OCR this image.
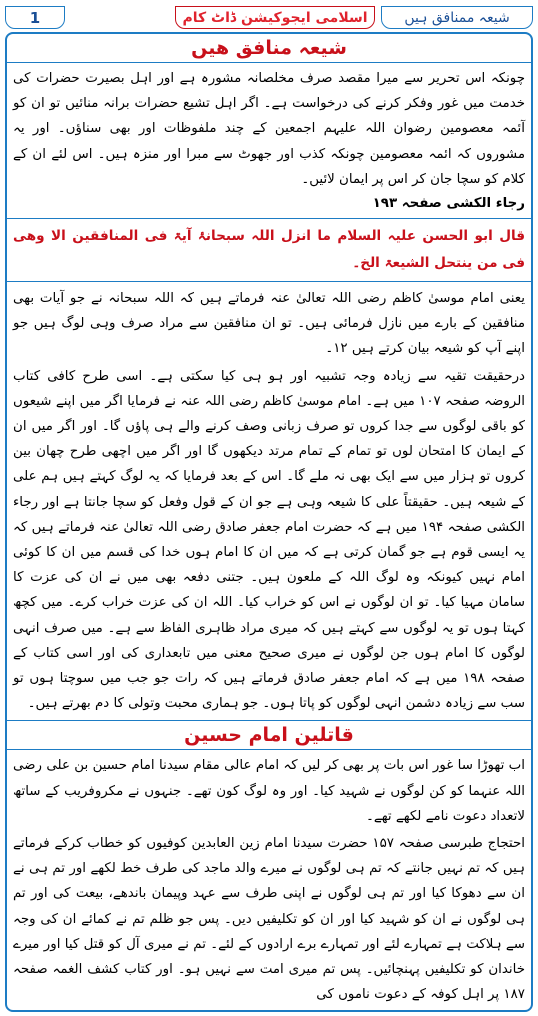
شیعہ ممنافق ہیں
اسلامی ایجوکیشن ڈاٹ کام
1
شیعہ منافق ھیں

چونکہ اس تحریر سے میرا مقصد صرف مخلصانہ مشورہ ہے اور اہل بصیرت حضرات کی خدمت میں غور وفکر کرنے کی درخواست ہے۔ اگر اہل تشیع حضرات برانہ منائیں تو ان کو آئمہ معصومین رضوان اللہ علیہم اجمعین کے چند ملفوظات اور بھی سناؤں۔ اور یہ مشوروں کہ ائمہ معصومین چونکہ کذب اور جھوٹ سے مبرا اور منزہ ہیں۔ اس لئے ان کے کلام کو سچا جان کر اس پر ایمان لائیں۔

رجاء الکشی صفحہ ۱۹۳

قال ابو الحسن علیہ السلام ما انزل اللہ سبحانۂ آیۃ فی المنافقین الا وھی فی من ینتحل الشیعۃ الخ۔

یعنی امام موسیٰ کاظم رضی اللہ تعالیٰ عنہ فرماتے ہیں کہ اللہ سبحانہ نے جو آیات بھی منافقین کے بارے میں نازل فرمائی ہیں۔ تو ان منافقین سے مراد صرف وہی لوگ ہیں جو اپنے آپ کو شیعہ بیان کرتے ہیں ۱۲۔

درحقیقت تقیہ سے زیادہ وجہ تشبیہ اور ہو ہی کیا سکتی ہے۔ اسی طرح کافی کتاب الروضہ صفحہ ۱۰۷ میں ہے۔ امام موسیٰ کاظم رضی اللہ عنہ نے فرمایا اگر میں اپنے شیعوں کو باقی لوگوں سے جدا کروں تو صرف زبانی وصف کرنے والے ہی پاؤں گا۔ اور اگر میں ان کے ایمان کا امتحان لوں تو تمام کے تمام مرتد دیکھوں گا اور اگر میں اچھی طرح چھان بین کروں تو ہزار میں سے ایک بھی نہ ملے گا۔ اس کے بعد فرمایا کہ یہ لوگ کہتے ہیں ہم علی کے شیعہ ہیں۔ حقیقتاً علی کا شیعہ وہی ہے جو ان کے قول وفعل کو سچا جانتا ہے اور رجاء الکشی صفحہ ۱۹۴ میں ہے کہ حضرت امام جعفر صادق رضی اللہ تعالیٰ عنہ فرماتے ہیں کہ یہ ایسی قوم ہے جو گمان کرتی ہے کہ میں ان کا امام ہوں خدا کی قسم میں ان کا کوئی امام نہیں کیونکہ وہ لوگ اللہ کے ملعون ہیں۔ جتنی دفعہ بھی میں نے ان کی عزت کا سامان مہیا کیا۔ تو ان لوگوں نے اس کو خراب کیا۔ اللہ ان کی عزت خراب کرے۔ میں کچھ کہتا ہوں تو یہ لوگوں سے کہتے ہیں کہ میری مراد ظاہری الفاظ سے ہے۔ میں صرف انہی لوگوں کا امام ہوں جن لوگوں نے میری صحیح معنی میں تابعداری کی اور اسی کتاب کے صفحہ ۱۹۸ میں ہے کہ امام جعفر صادق فرماتے ہیں کہ رات جو جب میں سوچتا ہوں تو سب سے زیادہ دشمن انہی لوگوں کو پاتا ہوں۔ جو ہماری محبت وتولی کا دم بھرتے ہیں۔

قاتلین امام حسین

اب تھوڑا سا غور اس بات پر بھی کر لیں کہ امام عالی مقام سیدنا امام حسین بن علی رضی اللہ عنہما کو کن لوگوں نے شہید کیا۔ اور وہ لوگ کون تھے۔ جنہوں نے مکروفریب کے ساتھ لاتعداد دعوت نامے لکھے تھے۔

احتجاج طبرسی صفحہ ۱۵۷ حضرت سیدنا امام زین العابدین کوفیوں کو خطاب کرکے فرماتے ہیں کہ تم نہیں جانتے کہ تم ہی لوگوں نے میرے والد ماجد کی طرف خط لکھے اور تم ہی نے ان سے دھوکا کیا اور تم ہی لوگوں نے اپنی طرف سے عہد وپیمان باندھے، بیعت کی اور تم ہی لوگوں نے ان کو شہید کیا اور ان کو تکلیفیں دیں۔ پس جو ظلم تم نے کمائے ان کی وجہ سے ہلاکت ہے تمہارے لئے اور تمہارے برے ارادوں کے لئے۔ تم نے میری آل کو قتل کیا اور میرے خاندان کو تکلیفیں پہنچائیں۔ پس تم میری امت سے نہیں ہو۔ اور کتاب کشف الغمہ صفحہ ۱۸۷ پر اہل کوفہ کے دعوت ناموں کی
